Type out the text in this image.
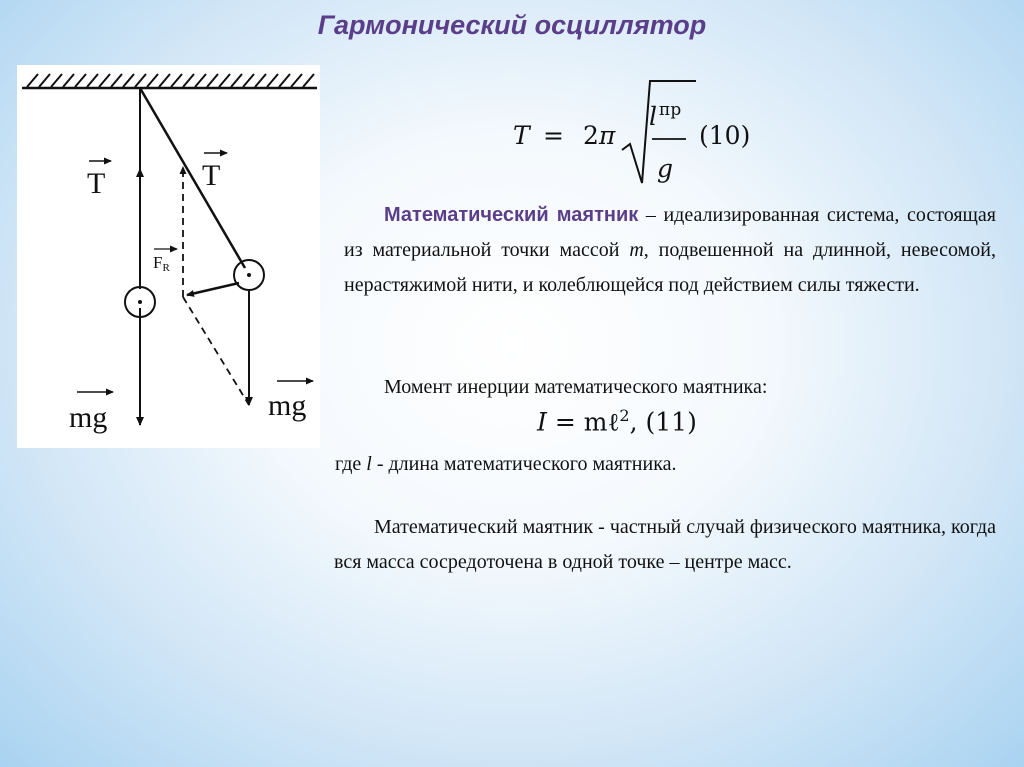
Гармонический осциллятор
T	T
FR
mg	mg
T = 2π
l $_{пр}$
g
(10)
Математический маятник – идеализированная система, состоящая из материальной точки массой m, подвешенной на длинной, невесомой, нерастяжимой нити, и колеблющейся под действием силы тяжести.
Момент инерции математического маятника:
I = mℓ$^2$, (11)
где l - длина математического маятника.
Математический маятник - частный случай физического маятника, когда вся масса сосредоточена в одной точке – центре масс.
